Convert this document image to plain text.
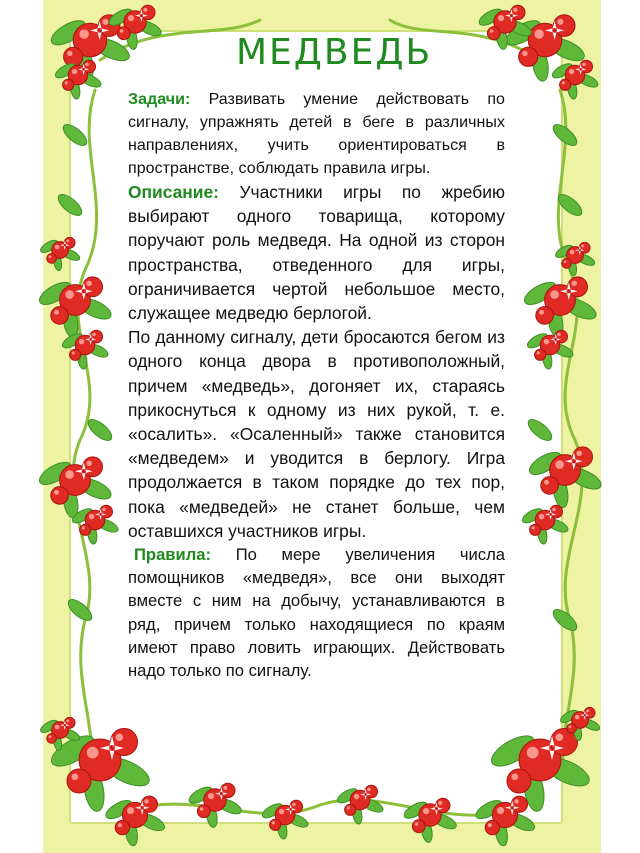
МЕДВЕДЬ

Задачи: Развивать умение действовать по сигналу, упражнять детей в беге в различных направлениях, учить ориентироваться в пространстве, соблюдать правила игры.

Описание: Участники игры по жребию выбирают одного товарища, которому поручают роль медведя. На одной из сторон пространства, отведенного для игры, ограничивается чертой небольшое место, служащее медведю берлогой.

По данному сигналу, дети бросаются бегом из одного конца двора в противоположный, причем «медведь», догоняет их, стараясь прикоснуться к одному из них рукой, т. е. «осалить». «Осаленный» также становится «медведем» и уводится в берлогу. Игра продолжается в таком порядке до тех пор, пока «медведей» не станет больше, чем оставшихся участников игры.

Правила: По мере увеличения числа помощников «медведя», все они выходят вместе с ним на добычу, устанавливаются в ряд, причем только находящиеся по краям имеют право ловить играющих. Действовать надо только по сигналу.
